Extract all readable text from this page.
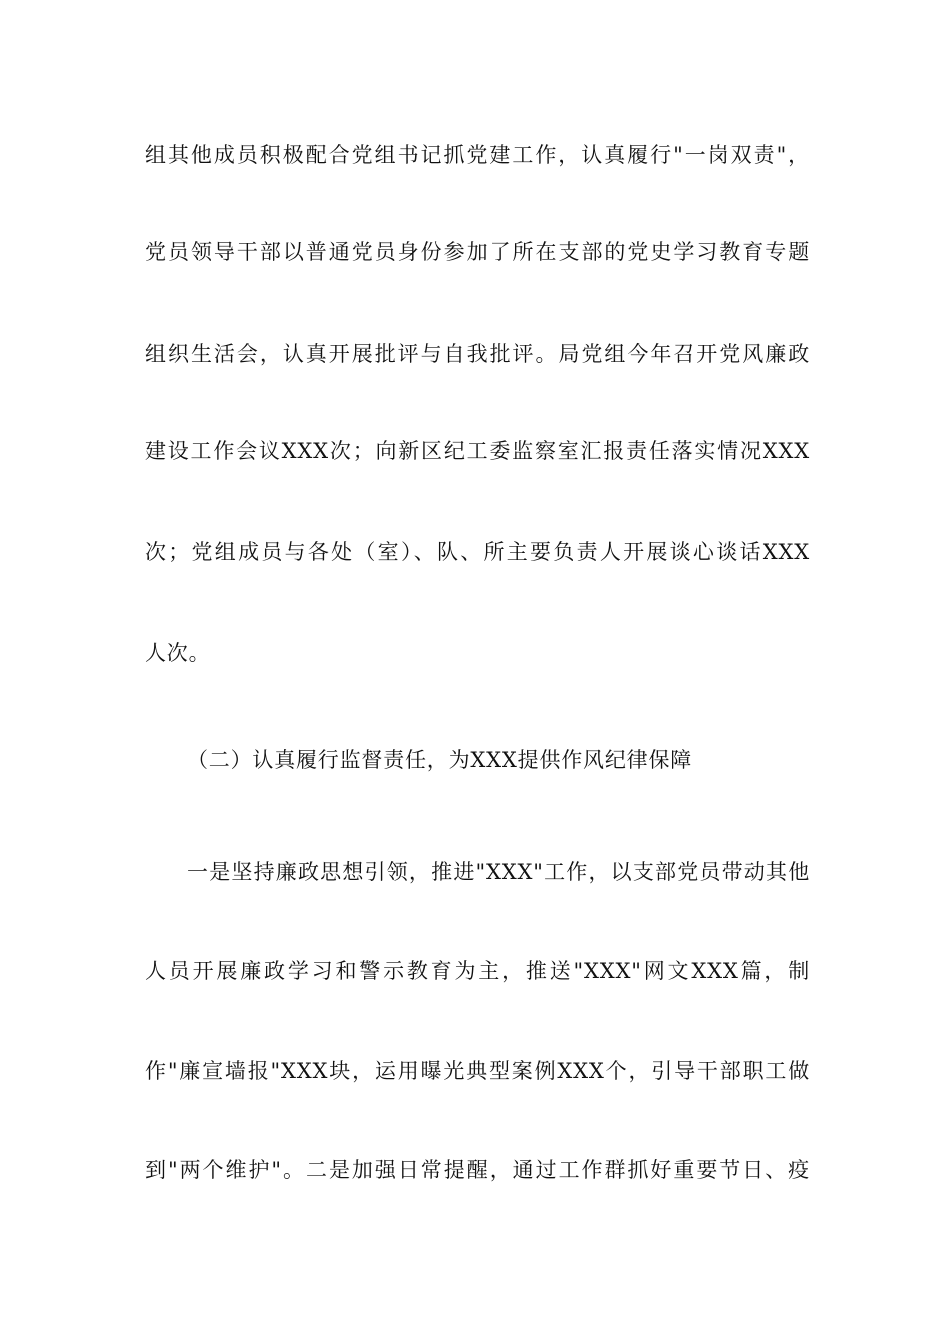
组其他成员积极配合党组书记抓党建工作，认真履行"一岗双责"，
党员领导干部以普通党员身份参加了所在支部的党史学习教育专题
组织生活会，认真开展批评与自我批评。局党组今年召开党风廉政
建设工作会议XXX次；向新区纪工委监察室汇报责任落实情况XXX
次；党组成员与各处（室）、队、所主要负责人开展谈心谈话XXX
人次。
（二）认真履行监督责任，为XXX提供作风纪律保障
一是坚持廉政思想引领，推进"XXX"工作，以支部党员带动其他
人员开展廉政学习和警示教育为主，推送"XXX"网文XXX篇，制
作"廉宣墙报"XXX块，运用曝光典型案例XXX个，引导干部职工做
到"两个维护"。二是加强日常提醒，通过工作群抓好重要节日、疫
